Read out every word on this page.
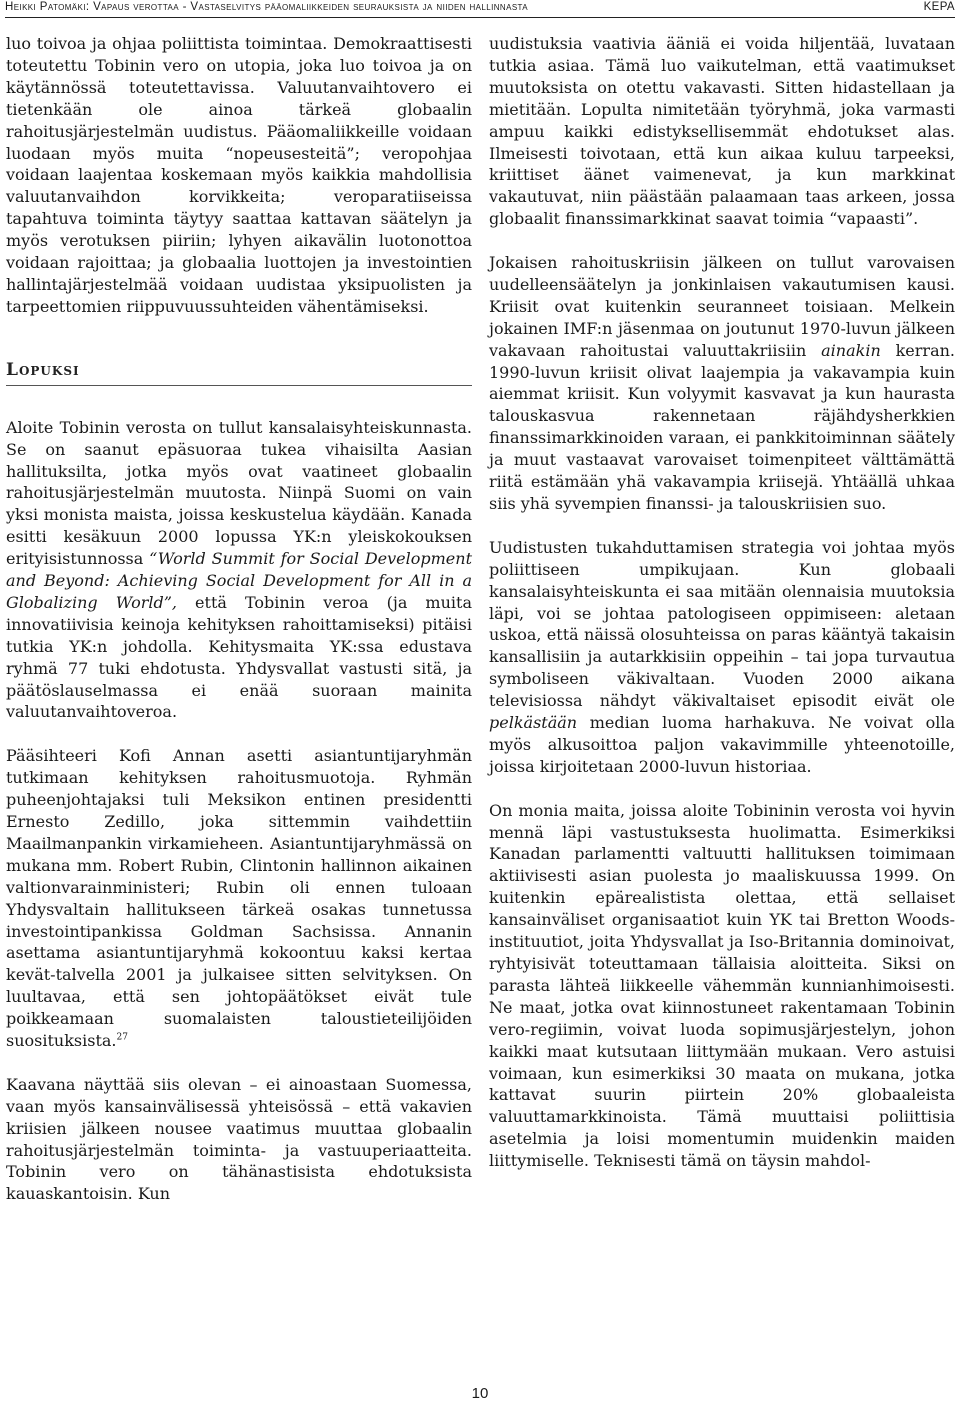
Heikki Patomäki: Vapaus verottaa - Vastaselvitys pääomaliikkeiden seurauksista ja niiden hallinnasta	KEPA

luo toivoa ja ohjaa poliittista toimintaa. Demokraattisesti toteutettu Tobinin vero on utopia, joka luo toivoa ja on käytännössä toteutettavissa. Valuutanvaihtovero ei tietenkään ole ainoa tärkeä globaalin rahoitusjärjestelmän uudistus. Pääomaliikkeille voidaan luodaan myös muita “nopeusesteitä”; veropohjaa voidaan laajentaa koskemaan myös kaikkia mahdollisia valuutanvaihdon korvikkeita; veroparatiiseissa tapahtuva toiminta täytyy saattaa kattavan säätelyn ja myös verotuksen piiriin; lyhyen aikavälin luotonottoa voidaan rajoittaa; ja globaalia luottojen ja investointien hallintajärjestelmää voidaan uudistaa yksipuolisten ja tarpeettomien riippuvuussuhteiden vähentämiseksi.

Lopuksi

Aloite Tobinin verosta on tullut kansalaisyhteiskunnasta. Se on saanut epäsuoraa tukea vihaisilta Aasian hallituksilta, jotka myös ovat vaatineet globaalin rahoitusjärjestelmän muutosta. Niinpä Suomi on vain yksi monista maista, joissa keskustelua käydään. Kanada esitti kesäkuun 2000 lopussa YK:n yleiskokouksen erityisistunnossa “World Summit for Social Development and Beyond: Achieving Social Development for All in a Globalizing World”, että Tobinin veroa (ja muita innovatiivisia keinoja kehityksen rahoittamiseksi) pitäisi tutkia YK:n johdolla. Kehitysmaita YK:ssa edustava ryhmä 77 tuki ehdotusta. Yhdysvallat vastusti sitä, ja päätöslauselmassa ei enää suoraan mainita valuutanvaihtoveroa.

Pääsihteeri Kofi Annan asetti asiantuntijaryhmän tutkimaan kehityksen rahoitusmuotoja. Ryhmän puheenjohtajaksi tuli Meksikon entinen presidentti Ernesto Zedillo, joka sittemmin vaihdettiin Maailmanpankin virkamieheen. Asiantuntijaryhmässä on mukana mm. Robert Rubin, Clintonin hallinnon aikainen valtionvarainministeri; Rubin oli ennen tuloaan Yhdysvaltain hallitukseen tärkeä osakas tunnetussa investointipankissa Goldman Sachsissa. Annanin asettama asiantuntijaryhmä kokoontuu kaksi kertaa kevät-talvella 2001 ja julkaisee sitten selvityksen. On luultavaa, että sen johtopäätökset eivät tule poikkeamaan suomalaisten taloustieteilijöiden suosituksista.$^{27}$

Kaavana näyttää siis olevan – ei ainoastaan Suomessa, vaan myös kansainvälisessä yhteisössä – että vakavien kriisien jälkeen nousee vaatimus muuttaa globaalin rahoitusjärjestelmän toiminta- ja vastuuperiaatteita. Tobinin vero on tähänastisista ehdotuksista kauaskantoisin. Kun

uudistuksia vaativia ääniä ei voida hiljentää, luvataan tutkia asiaa. Tämä luo vaikutelman, että vaatimukset muutoksista on otettu vakavasti. Sitten hidastellaan ja mietitään. Lopulta nimitetään työryhmä, joka varmasti ampuu kaikki edistyksellisemmät ehdotukset alas. Ilmeisesti toivotaan, että kun aikaa kuluu tarpeeksi, kriittiset äänet vaimenevat, ja kun markkinat vakautuvat, niin päästään palaamaan taas arkeen, jossa globaalit finanssimarkkinat saavat toimia “vapaasti”.

Jokaisen rahoituskriisin jälkeen on tullut varovaisen uudelleensäätelyn ja jonkinlaisen vakautumisen kausi. Kriisit ovat kuitenkin seuranneet toisiaan. Melkein jokainen IMF:n jäsenmaa on joutunut 1970-luvun jälkeen vakavaan rahoitustai valuuttakriisiin ainakin kerran. 1990-luvun kriisit olivat laajempia ja vakavampia kuin aiemmat kriisit. Kun volyymit kasvavat ja kun haurasta talouskasvua rakennetaan räjähdysherkkien finanssimarkkinoiden varaan, ei pankkitoiminnan säätely ja muut vastaavat varovaiset toimenpiteet välttämättä riitä estämään yhä vakavampia kriisejä. Yhtäällä uhkaa siis yhä syvempien finanssi- ja talouskriisien suo.

Uudistusten tukahduttamisen strategia voi johtaa myös poliittiseen umpikujaan. Kun globaali kansalaisyhteiskunta ei saa mitään olennaisia muutoksia läpi, voi se johtaa patologiseen oppimiseen: aletaan uskoa, että näissä olosuhteissa on paras kääntyä takaisin kansallisiin ja autarkkisiin oppeihin – tai jopa turvautua symboliseen väkivaltaan. Vuoden 2000 aikana televisiossa nähdyt väkivaltaiset episodit eivät ole pelkästään median luoma harhakuva. Ne voivat olla myös alkusoittoa paljon vakavimmille yhteenotoille, joissa kirjoitetaan 2000-luvun historiaa.

On monia maita, joissa aloite Tobininin verosta voi hyvin mennä läpi vastustuksesta huolimatta. Esimerkiksi Kanadan parlamentti valtuutti hallituksen toimimaan aktiivisesti asian puolesta jo maaliskuussa 1999. On kuitenkin epärealistista olettaa, että sellaiset kansainväliset organisaatiot kuin YK tai Bretton Woods-instituutiot, joita Yhdysvallat ja Iso-Britannia dominoivat, ryhtyisivät toteuttamaan tällaisia aloitteita. Siksi on parasta lähteä liikkeelle vähemmän kunnianhimoisesti. Ne maat, jotka ovat kiinnostuneet rakentamaan Tobinin vero-regiimin, voivat luoda sopimusjärjestelyn, johon kaikki maat kutsutaan liittymään mukaan. Vero astuisi voimaan, kun esimerkiksi 30 maata on mukana, jotka kattavat suurin piirtein 20% globaaleista valuuttamarkkinoista. Tämä muuttaisi poliittisia asetelmia ja loisi momentumin muidenkin maiden liittymiselle. Teknisesti tämä on täysin mahdol-

10
